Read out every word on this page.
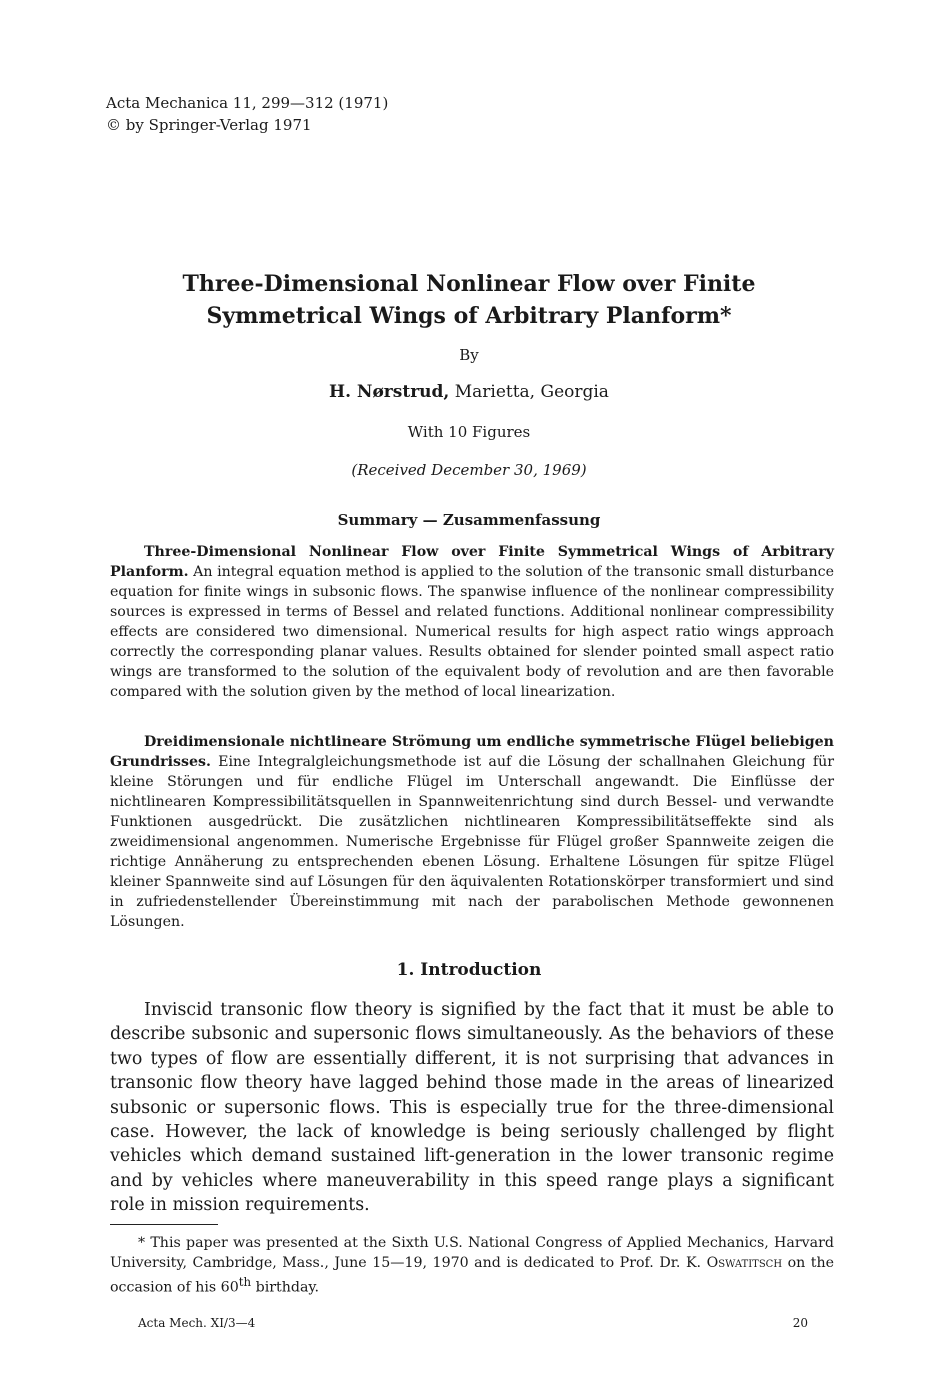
Acta Mechanica 11, 299—312 (1971)
© by Springer-Verlag 1971
Three-Dimensional Nonlinear Flow over Finite
Symmetrical Wings of Arbitrary Planform*
By
H. Nørstrud, Marietta, Georgia
With 10 Figures
(Received December 30, 1969)
Summary — Zusammenfassung

Three-Dimensional Nonlinear Flow over Finite Symmetrical Wings of Arbitrary Planform. An integral equation method is applied to the solution of the transonic small disturbance equation for finite wings in subsonic flows. The spanwise influence of the nonlinear compressibility sources is expressed in terms of Bessel and related functions. Additional nonlinear compressibility effects are considered two dimensional. Numerical results for high aspect ratio wings approach correctly the corresponding planar values. Results obtained for slender pointed small aspect ratio wings are transformed to the solution of the equivalent body of revolution and are then favorable compared with the solution given by the method of local linearization.

Dreidimensionale nichtlineare Strömung um endliche symmetrische Flügel beliebigen Grundrisses. Eine Integralgleichungsmethode ist auf die Lösung der schallnahen Gleichung für kleine Störungen und für endliche Flügel im Unterschall angewandt. Die Einflüsse der nichtlinearen Kompressibilitätsquellen in Spannweitenrichtung sind durch Bessel- und verwandte Funktionen ausgedrückt. Die zusätzlichen nichtlinearen Kompressibilitätseffekte sind als zweidimensional angenommen. Numerische Ergebnisse für Flügel großer Spannweite zeigen die richtige Annäherung zu entsprechenden ebenen Lösung. Erhaltene Lösungen für spitze Flügel kleiner Spannweite sind auf Lösungen für den äquivalenten Rotationskörper transformiert und sind in zufriedenstellender Übereinstimmung mit nach der parabolischen Methode gewonnenen Lösungen.

1. Introduction

Inviscid transonic flow theory is signified by the fact that it must be able to describe subsonic and supersonic flows simultaneously. As the behaviors of these two types of flow are essentially different, it is not surprising that advances in transonic flow theory have lagged behind those made in the areas of linearized subsonic or supersonic flows. This is especially true for the three-dimensional case. However, the lack of knowledge is being seriously challenged by flight vehicles which demand sustained lift-generation in the lower transonic regime and by vehicles where maneuverability in this speed range plays a significant role in mission requirements.

* This paper was presented at the Sixth U.S. National Congress of Applied Mechanics, Harvard University, Cambridge, Mass., June 15—19, 1970 and is dedicated to Prof. Dr. K. Oswatitsch on the occasion of his 60th birthday.

Acta Mech. XI/3—4	20
